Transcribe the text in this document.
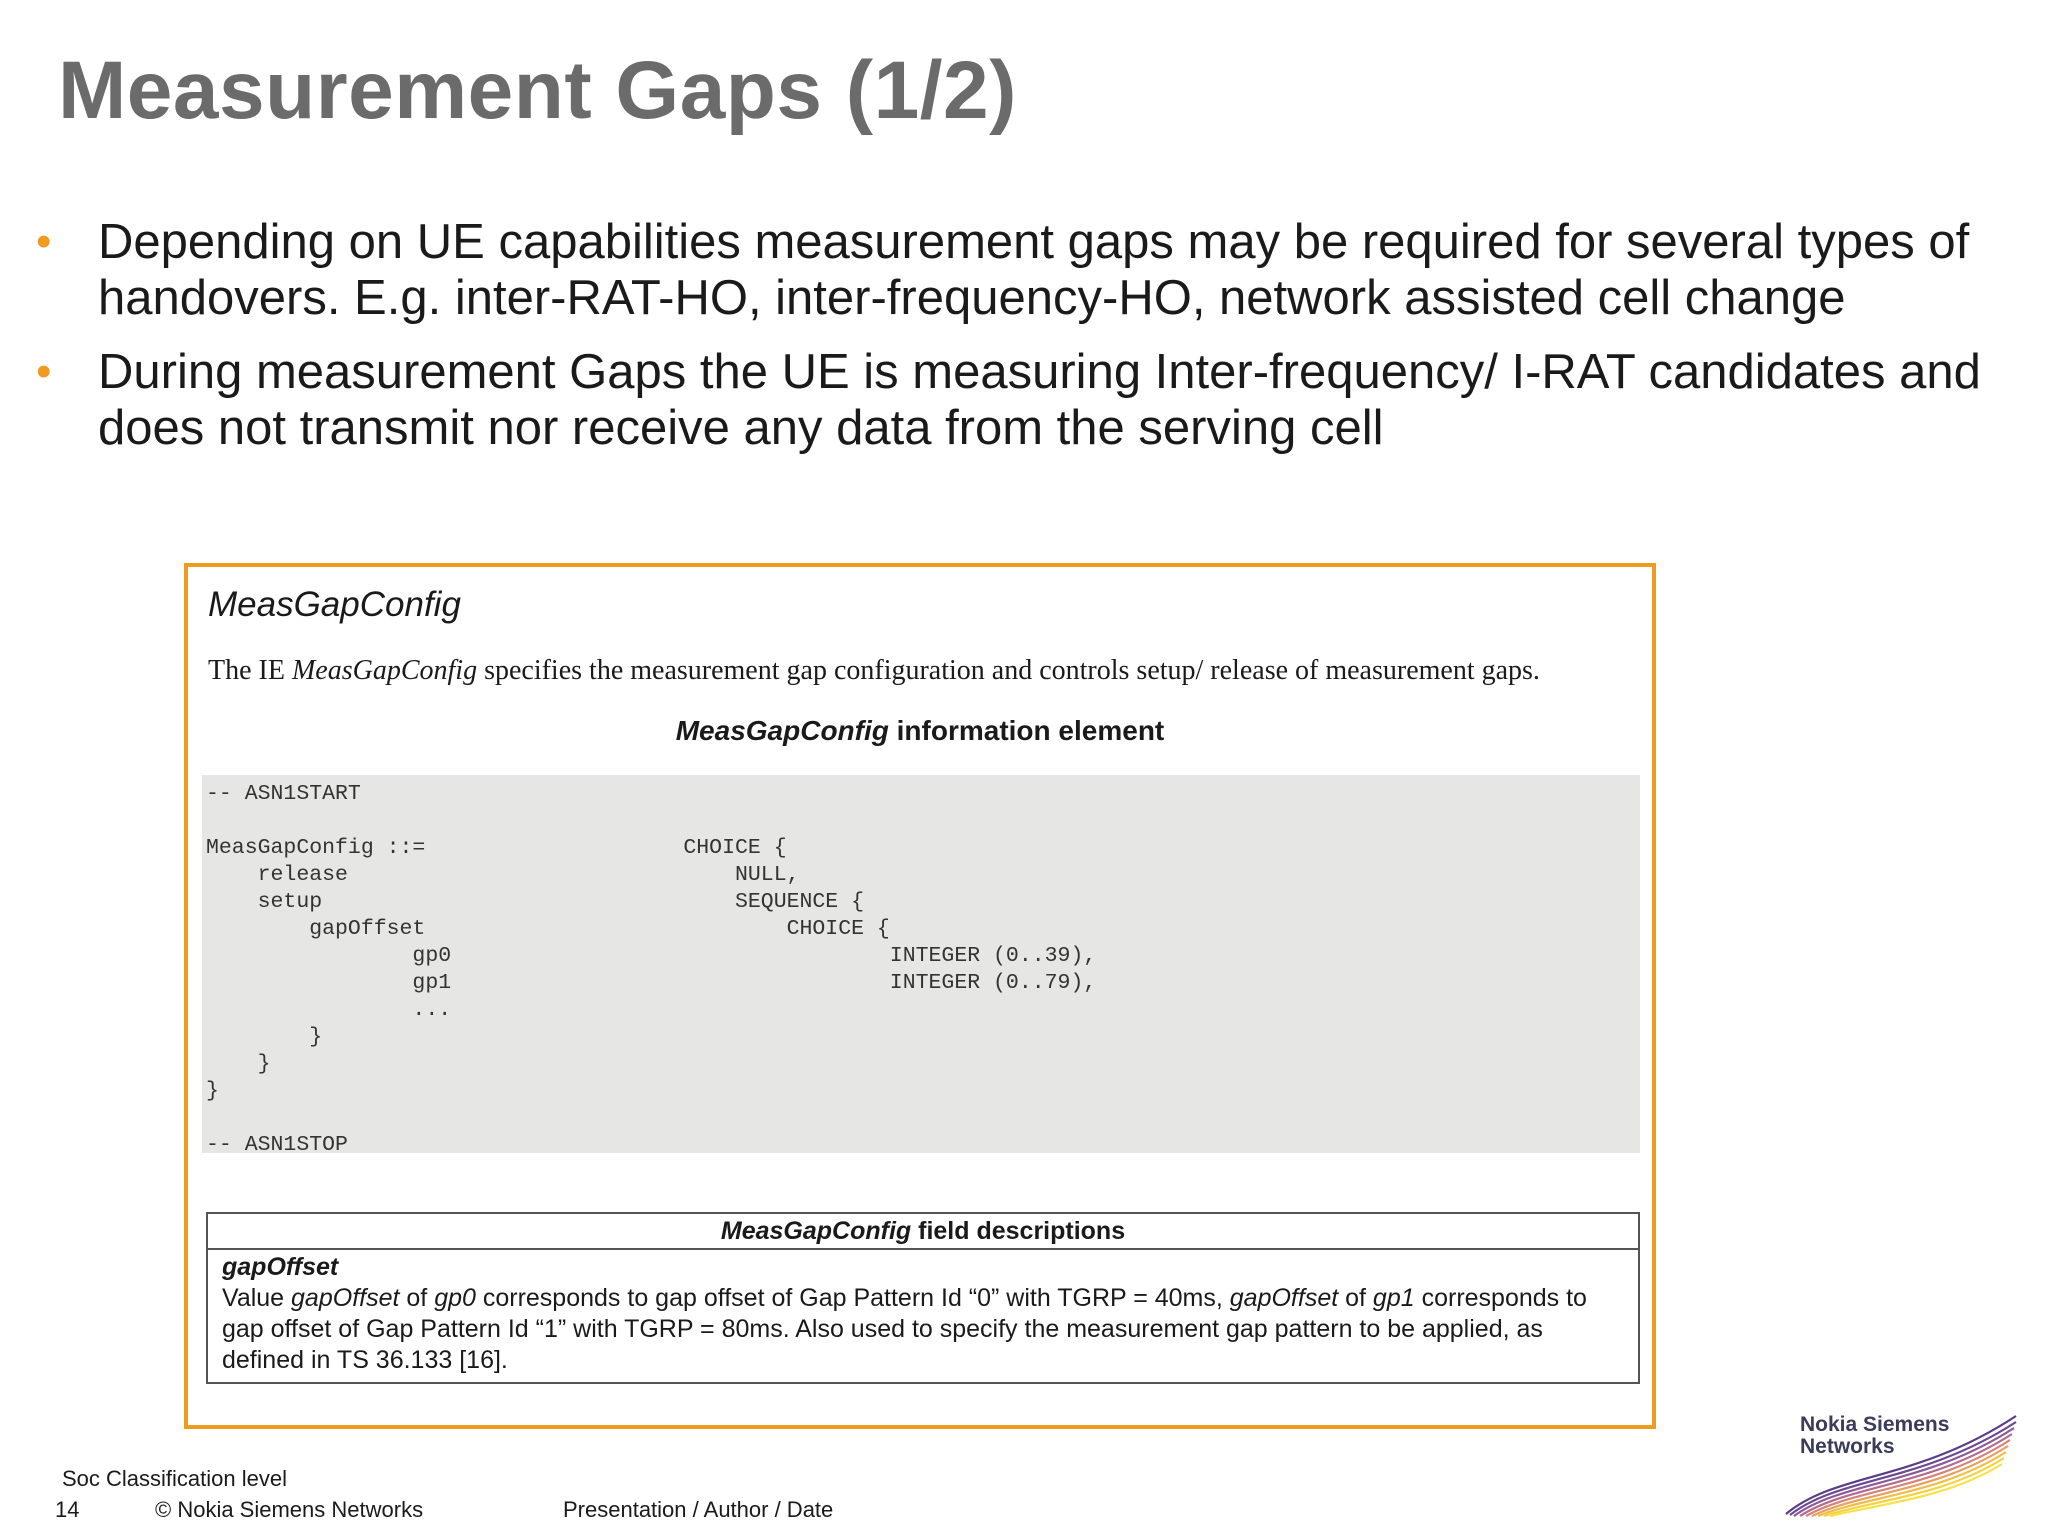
Measurement Gaps (1/2)
• Depending on UE capabilities measurement gaps may be required for several types of handovers. E.g. inter-RAT-HO, inter-frequency-HO, network assisted cell change
• During measurement Gaps the UE is measuring Inter-frequency/ I-RAT candidates and does not transmit nor receive any data from the serving cell
MeasGapConfig
The IE MeasGapConfig specifies the measurement gap configuration and controls setup/ release of measurement gaps.
MeasGapConfig information element
-- ASN1START

MeasGapConfig ::=                    CHOICE {
release                              NULL,
setup                                SEQUENCE {
gapOffset                            CHOICE {
gp0                                  INTEGER (0..39),
gp1                                  INTEGER (0..79),
...
}
}
}

-- ASN1STOP
MeasGapConfig field descriptions
gapOffset
Value gapOffset of gp0 corresponds to gap offset of Gap Pattern Id “0” with TGRP = 40ms, gapOffset of gp1 corresponds to gap offset of Gap Pattern Id “1” with TGRP = 80ms. Also used to specify the measurement gap pattern to be applied, as defined in TS 36.133 [16].
Soc Classification level
14	© Nokia Siemens Networks	Presentation / Author / Date
Nokia Siemens
Networks
